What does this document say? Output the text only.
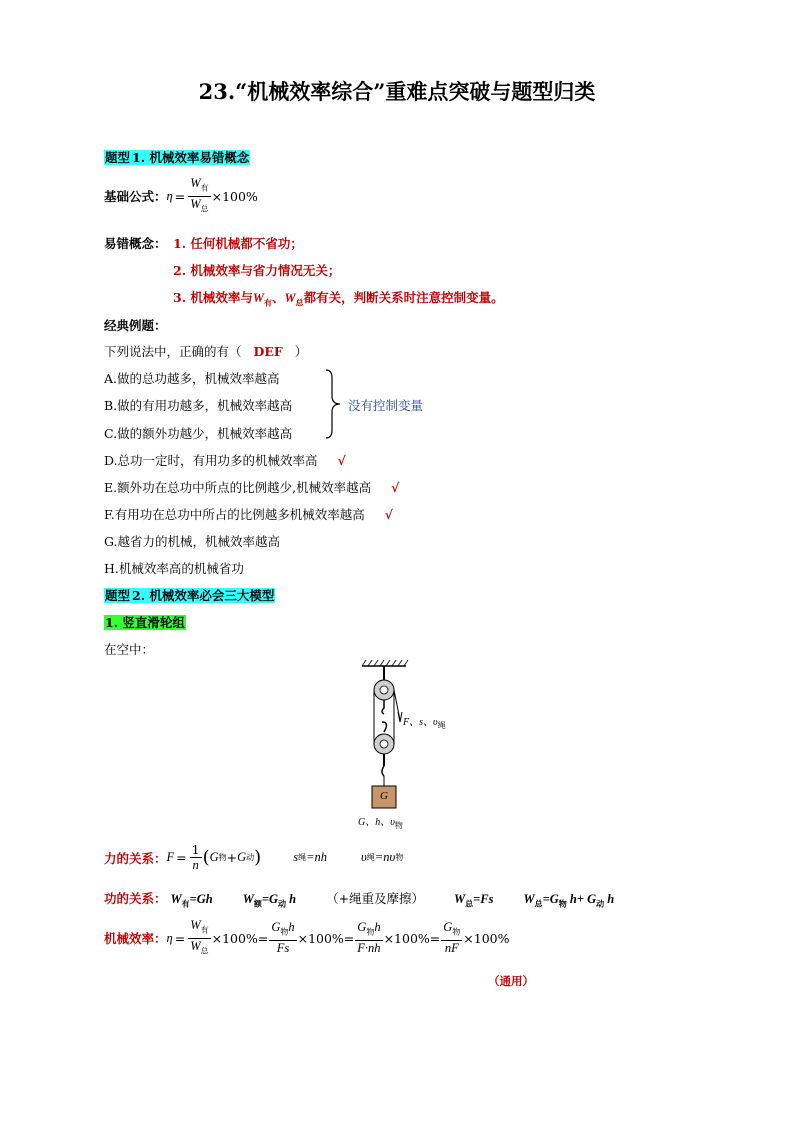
23.“机械效率综合”重难点突破与题型归类
题型 1. 机械效率易错概念
基础公式： $\eta = \frac{W_有}{W_总} \times 100\%$
易错概念： 1. 任何机械都不省功；
2. 机械效率与省力情况无关；
3. 机械效率与$W_有$、$W_总$都有关，判断关系时注意控制变量。
经典例题：
下列说法中，正确的有（ DEF ）
A.做的总功越多，机械效率越高
B.做的有用功越多，机械效率越高
C.做的额外功越少，机械效率越高
没有控制变量
D.总功一定时，有用功多的机械效率高 √
E.额外功在总功中所点的比例越少,机械效率越高 √
F.有用功在总功中所占的比例越多机械效率越高 √
G.越省力的机械，机械效率越高
H.机械效率高的机械省功
题型 2. 机械效率必会三大模型
1. 竖直滑轮组
在空中：
F、s、$\upsilon_绳$
G
G、h、$\upsilon_物$
力的关系： $F = \frac{1}{n}$ ( G 物 + G 动 )	s 绳 =nh	υ 绳 =nυ 物
功的关系： $W_有=Gh$ $W_额=G_动$ h （+绳重及摩擦） $W_总=Fs$ $W_总=G_物$ $h+ G_动$ h
机械效率： $\eta = \frac{W_有}{W_总} \times 100\%= \frac{G_物h}{Fs} \times 100\%= \frac{G_物h}{F\cdot nh} \times 100\%= \frac{G_物}{nF} \times 100\%$
（通用）
